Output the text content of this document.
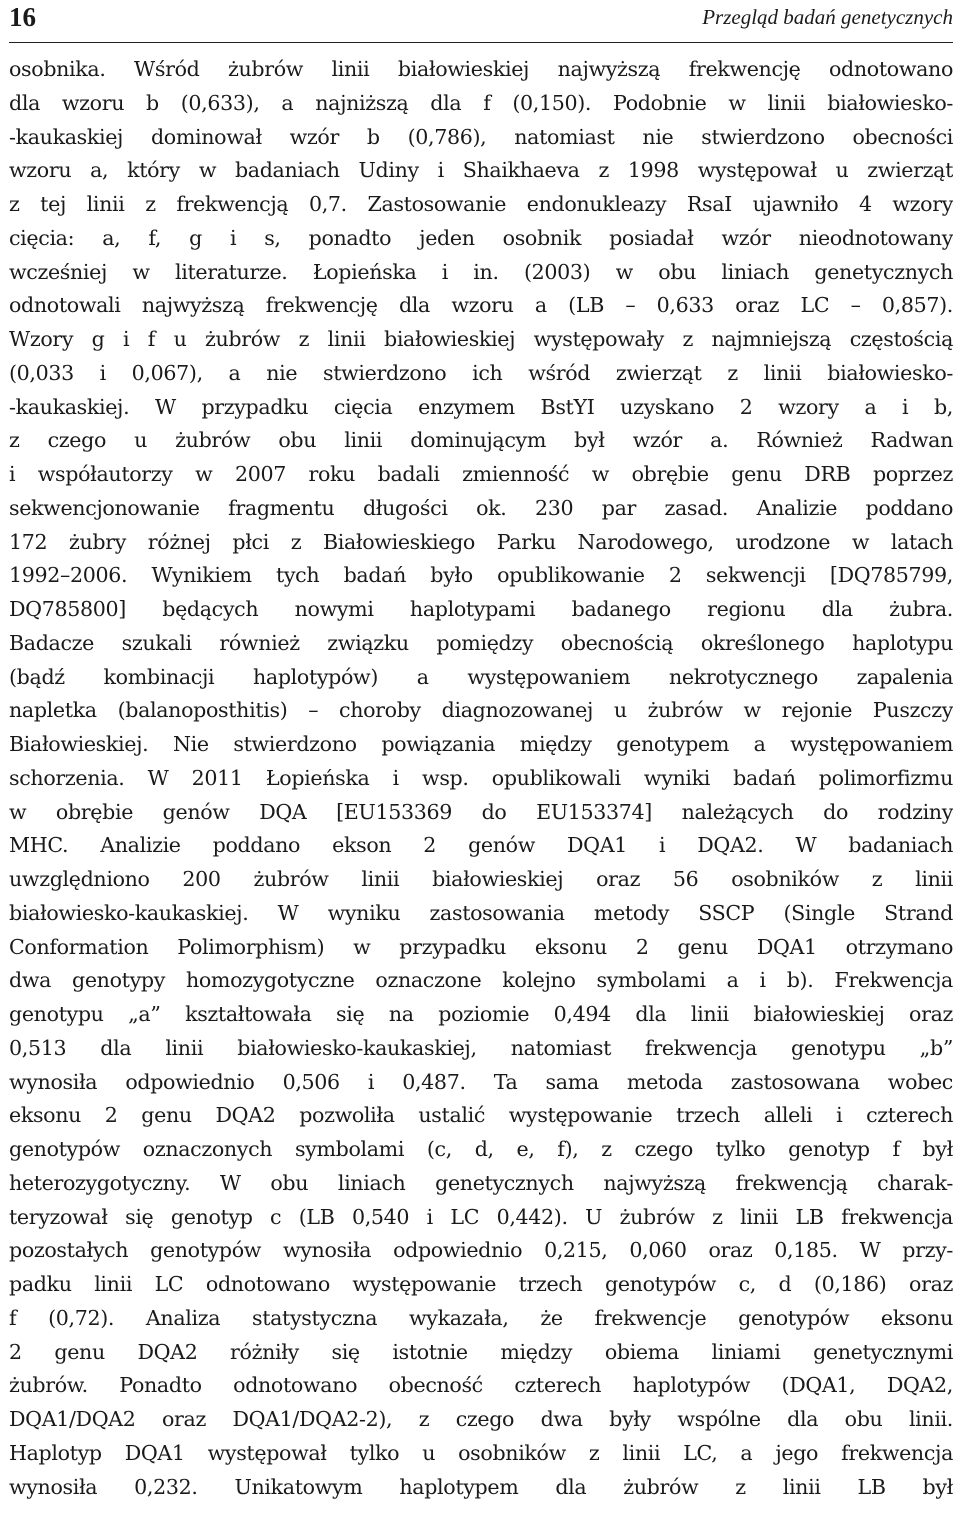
16	Przegląd badań genetycznych
osobnika. Wśród żubrów linii białowieskiej najwyższą frekwencję odnotowano
dla wzoru b (0,633), a najniższą dla f (0,150). Podobnie w linii białowiesko-
-kaukaskiej dominował wzór b (0,786), natomiast nie stwierdzono obecności
wzoru a, który w badaniach Udiny i Shaikhaeva z 1998 występował u zwierząt
z tej linii z frekwencją 0,7. Zastosowanie endonukleazy RsaI ujawniło 4 wzory
cięcia: a, f, g i s, ponadto jeden osobnik posiadał wzór nieodnotowany
wcześniej w literaturze. Łopieńska i in. (2003) w obu liniach genetycznych
odnotowali najwyższą frekwencję dla wzoru a (LB – 0,633 oraz LC – 0,857).
Wzory g i f u żubrów z linii białowieskiej występowały z najmniejszą częstością
(0,033 i 0,067), a nie stwierdzono ich wśród zwierząt z linii białowiesko-
-kaukaskiej. W przypadku cięcia enzymem BstYI uzyskano 2 wzory a i b,
z czego u żubrów obu linii dominującym był wzór a. Również Radwan
i współautorzy w 2007 roku badali zmienność w obrębie genu DRB poprzez
sekwencjonowanie fragmentu długości ok. 230 par zasad. Analizie poddano
172 żubry różnej płci z Białowieskiego Parku Narodowego, urodzone w latach
1992–2006. Wynikiem tych badań było opublikowanie 2 sekwencji [DQ785799,
DQ785800] będących nowymi haplotypami badanego regionu dla żubra.
Badacze szukali również związku pomiędzy obecnością określonego haplotypu
(bądź kombinacji haplotypów) a występowaniem nekrotycznego zapalenia
napletka (balanoposthitis) – choroby diagnozowanej u żubrów w rejonie Puszczy
Białowieskiej. Nie stwierdzono powiązania między genotypem a występowaniem
schorzenia. W 2011 Łopieńska i wsp. opublikowali wyniki badań polimorfizmu
w obrębie genów DQA [EU153369 do EU153374] należących do rodziny
MHC. Analizie poddano ekson 2 genów DQA1 i DQA2. W badaniach
uwzględniono 200 żubrów linii białowieskiej oraz 56 osobników z linii
białowiesko-kaukaskiej. W wyniku zastosowania metody SSCP (Single Strand
Conformation Polimorphism) w przypadku eksonu 2 genu DQA1 otrzymano
dwa genotypy homozygotyczne oznaczone kolejno symbolami a i b). Frekwencja
genotypu „a” kształtowała się na poziomie 0,494 dla linii białowieskiej oraz
0,513 dla linii białowiesko-kaukaskiej, natomiast frekwencja genotypu „b”
wynosiła odpowiednio 0,506 i 0,487. Ta sama metoda zastosowana wobec
eksonu 2 genu DQA2 pozwoliła ustalić występowanie trzech alleli i czterech
genotypów oznaczonych symbolami (c, d, e, f), z czego tylko genotyp f był
heterozygotyczny. W obu liniach genetycznych najwyższą frekwencją charak-
teryzował się genotyp c (LB 0,540 i LC 0,442). U żubrów z linii LB frekwencja
pozostałych genotypów wynosiła odpowiednio 0,215, 0,060 oraz 0,185. W przy-
padku linii LC odnotowano występowanie trzech genotypów c, d (0,186) oraz
f (0,72). Analiza statystyczna wykazała, że frekwencje genotypów eksonu
2 genu DQA2 różniły się istotnie między obiema liniami genetycznymi
żubrów. Ponadto odnotowano obecność czterech haplotypów (DQA1, DQA2,
DQA1/DQA2 oraz DQA1/DQA2-2), z czego dwa były wspólne dla obu linii.
Haplotyp DQA1 występował tylko u osobników z linii LC, a jego frekwencja
wynosiła 0,232. Unikatowym haplotypem dla żubrów z linii LB był
